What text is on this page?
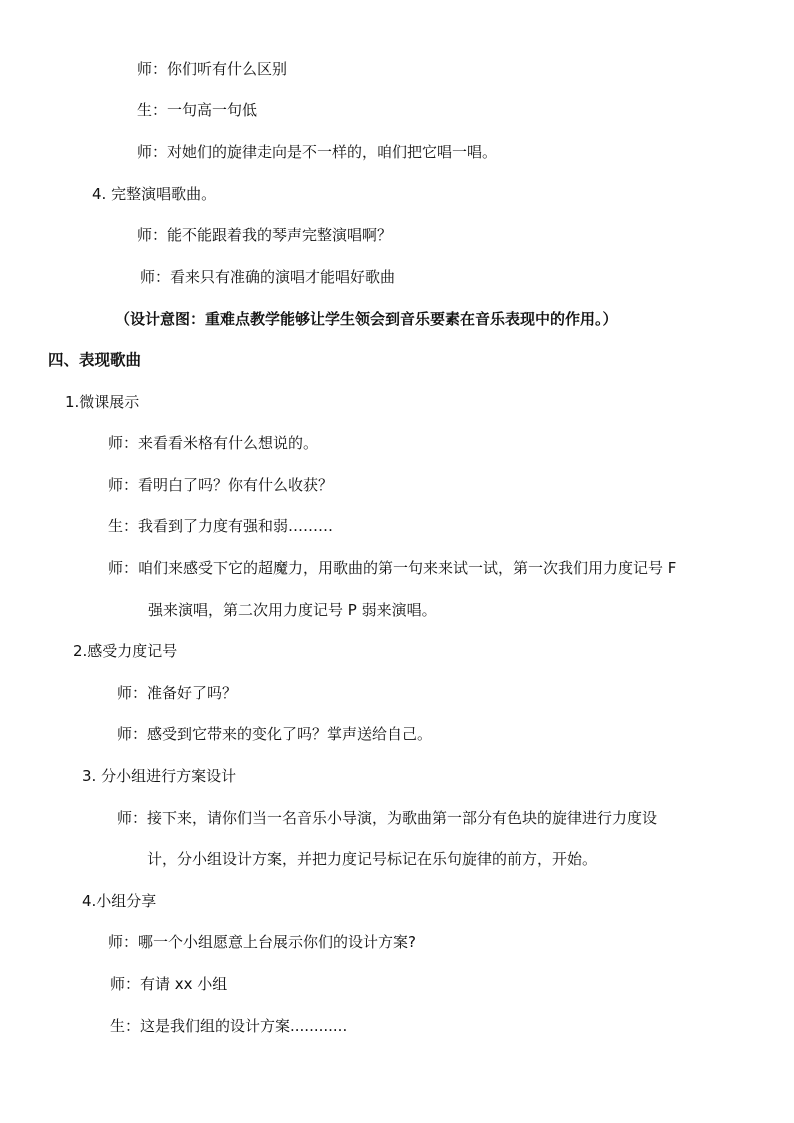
师：你们听有什么区别
生：一句高一句低
师：对她们的旋律走向是不一样的，咱们把它唱一唱。
4. 完整演唱歌曲。
师：能不能跟着我的琴声完整演唱啊？
师：看来只有准确的演唱才能唱好歌曲
（设计意图：重难点教学能够让学生领会到音乐要素在音乐表现中的作用。）
四、表现歌曲
1.微课展示
师：来看看米格有什么想说的。
师：看明白了吗？你有什么收获？
生：我看到了力度有强和弱………
师：咱们来感受下它的超魔力，用歌曲的第一句来来试一试，第一次我们用力度记号 F
强来演唱，第二次用力度记号 P 弱来演唱。
2.感受力度记号
师：准备好了吗？
师：感受到它带来的变化了吗？掌声送给自己。
3. 分小组进行方案设计
师：接下来，请你们当一名音乐小导演，为歌曲第一部分有色块的旋律进行力度设
计，分小组设计方案，并把力度记号标记在乐句旋律的前方，开始。
4.小组分享
师：哪一个小组愿意上台展示你们的设计方案?
师：有请 xx 小组
生：这是我们组的设计方案............
